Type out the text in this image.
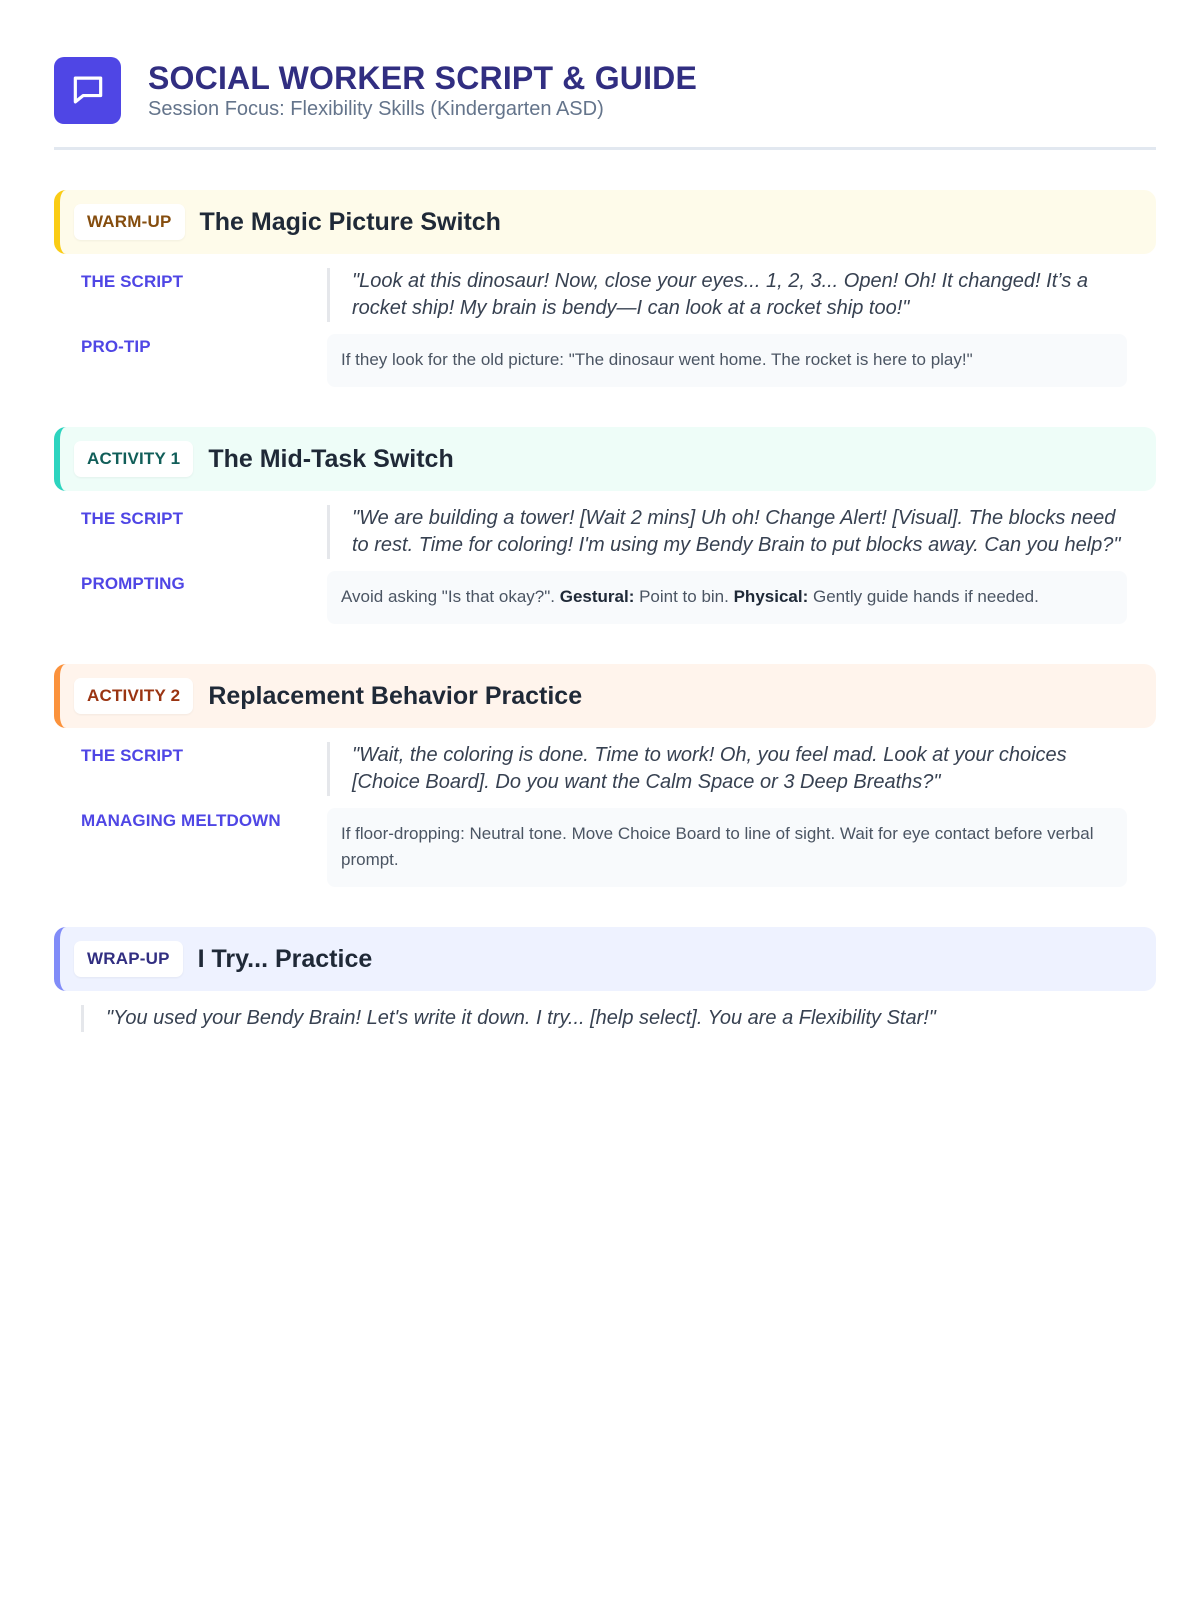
SOCIAL WORKER SCRIPT & GUIDE
Session Focus: Flexibility Skills (Kindergarten ASD)
WARM-UP	The Magic Picture Switch
THE SCRIPT	"Look at this dinosaur! Now, close your eyes... 1, 2, 3... Open! Oh! It changed! It’s a rocket ship! My brain is bendy—I can look at a rocket ship too!"
PRO-TIP
If they look for the old picture: "The dinosaur went home. The rocket is here to play!"
ACTIVITY 1	The Mid-Task Switch
THE SCRIPT	"We are building a tower! [Wait 2 mins] Uh oh! Change Alert! [Visual]. The blocks need to rest. Time for coloring! I'm using my Bendy Brain to put blocks away. Can you help?"
PROMPTING
Avoid asking "Is that okay?". Gestural: Point to bin. Physical: Gently guide hands if needed.
ACTIVITY 2	Replacement Behavior Practice
THE SCRIPT	"Wait, the coloring is done. Time to work! Oh, you feel mad. Look at your choices [Choice Board]. Do you want the Calm Space or 3 Deep Breaths?"
MANAGING MELTDOWN
If floor-dropping: Neutral tone. Move Choice Board to line of sight. Wait for eye contact before verbal prompt.
WRAP-UP	I Try... Practice
"You used your Bendy Brain! Let's write it down. I try... [help select]. You are a Flexibility Star!"
